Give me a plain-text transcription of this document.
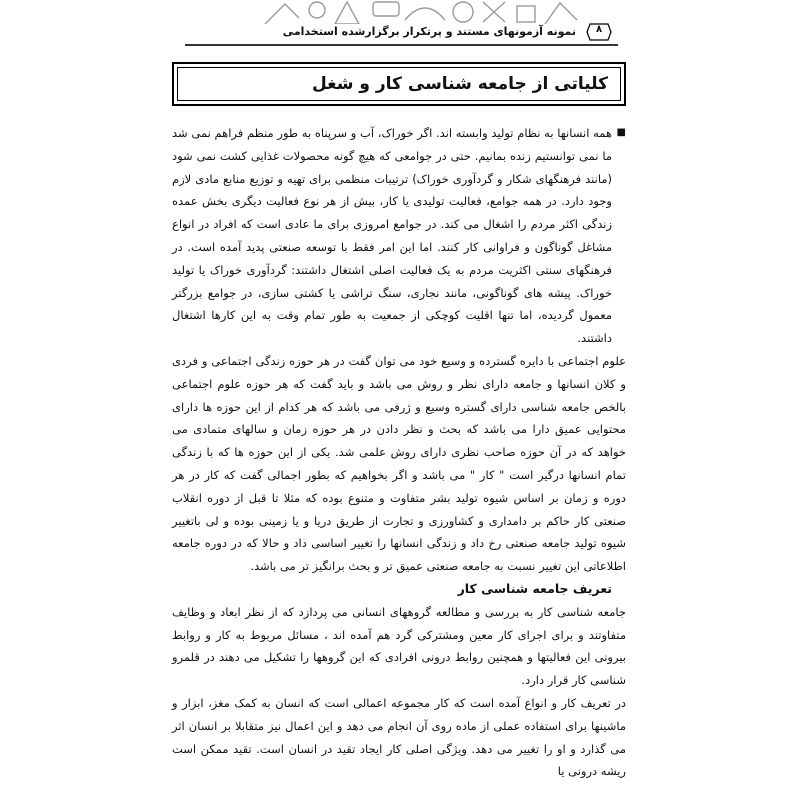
نمونه آزمونهای مستند و پرتکرار برگزارشده استخدامی	٨
کلیاتی از جامعه شناسی کار و شغل

■
همه انسانها به نظام تولید وابسته اند. اگر خوراک، آب و سرپناه به طور منظم فراهم نمی شد ما نمی توانستیم زنده بمانیم. حتی در جوامعی که هیچ گونه محصولات غذایی کشت نمی شود (مانند فرهنگهای شکار و گردآوری خوراک) ترتیبات منظمی برای تهیه و توزیع منابع مادی لازم وجود دارد. در همه جوامع، فعالیت تولیدی یا کار، بیش از هر نوع فعالیت دیگری بخش عمده زندگی اکثر مردم را اشغال می کند. در جوامع امروزی برای ما عادی است که افراد در انواع مشاغل گوناگون و فراوانی کار کنند. اما این امر فقط با توسعه صنعتی پدید آمده است. در فرهنگهای سنتی اکثریت مردم به یک فعالیت اصلی اشتغال داشتند: گردآوری خوراک یا تولید خوراک. پیشه های گوناگونی، مانند نجاری، سنگ تراشی یا کشتی سازی، در جوامع بزرگتر معمول گردیده، اما تنها اقلیت کوچکی از جمعیت به طور تمام وقت به این کارها اشتغال داشتند.

علوم اجتماعی با دایره گسترده و وسیع خود می توان گفت در هر حوزه زندگی اجتماعی و فردی و کلان انسانها و جامعه دارای نظر و روش می باشد و باید گفت که هر حوزه علوم اجتماعی بالخص جامعه شناسی دارای گستره وسیع و ژرفی می باشد که هر کدام از این حوزه ها دارای محتوایی عمیق دارا می باشد که بحث و نظر دادن در هر حوزه زمان و سالهای متمادی می خواهد که در آن حوزه صاحب نظری دارای روش علمی شد. یکی از این حوزه ها که با زندگی تمام انسانها درگیر است " کار " می باشد و اگر بخواهیم که بطور اجمالی گفت که کار در هر دوره و زمان بر اساس شیوه تولید بشر متفاوت و متنوع بوده که مثلا تا قبل از دوره انقلاب صنعتی کار حاکم بر دامداری و کشاورزی و تجارت از طریق دریا و یا زمینی بوده و لی باتغییر شیوه تولید جامعه صنعتی رخ داد و زندگی انسانها را تغییر اساسی داد و حالا که در دوره جامعه اطلاعاتی این تغییر نسبت به جامعه صنعتی عمیق تر و بحث برانگیز تر می باشد.

تعریف جامعه شناسی کار

جامعه شناسی کار به بررسی و مطالعه گروههای انسانی می پردازد که از نظر ابعاد و وظایف متفاوتند و برای اجرای کار معین ومشترکی گرد هم آمده اند ، مسائل مربوط به کار و روابط بیرونی این فعالیتها و همچنین روابط درونی افرادی که این گروهها را تشکیل می دهند در قلمرو شناسی کار قرار دارد.

در تعریف کار و انواع آمده است که کار مجموعه اعمالی است که انسان به کمک مغز، ابزار و ماشینها برای استفاده عملی از ماده روی آن انجام می دهد و این اعمال نیز متقابلا بر انسان اثر می گذارد و او را تغییر می دهد. ویژگی اصلی کار ایجاد تقید در انسان است. تقید ممکن است ریشه درونی یا
